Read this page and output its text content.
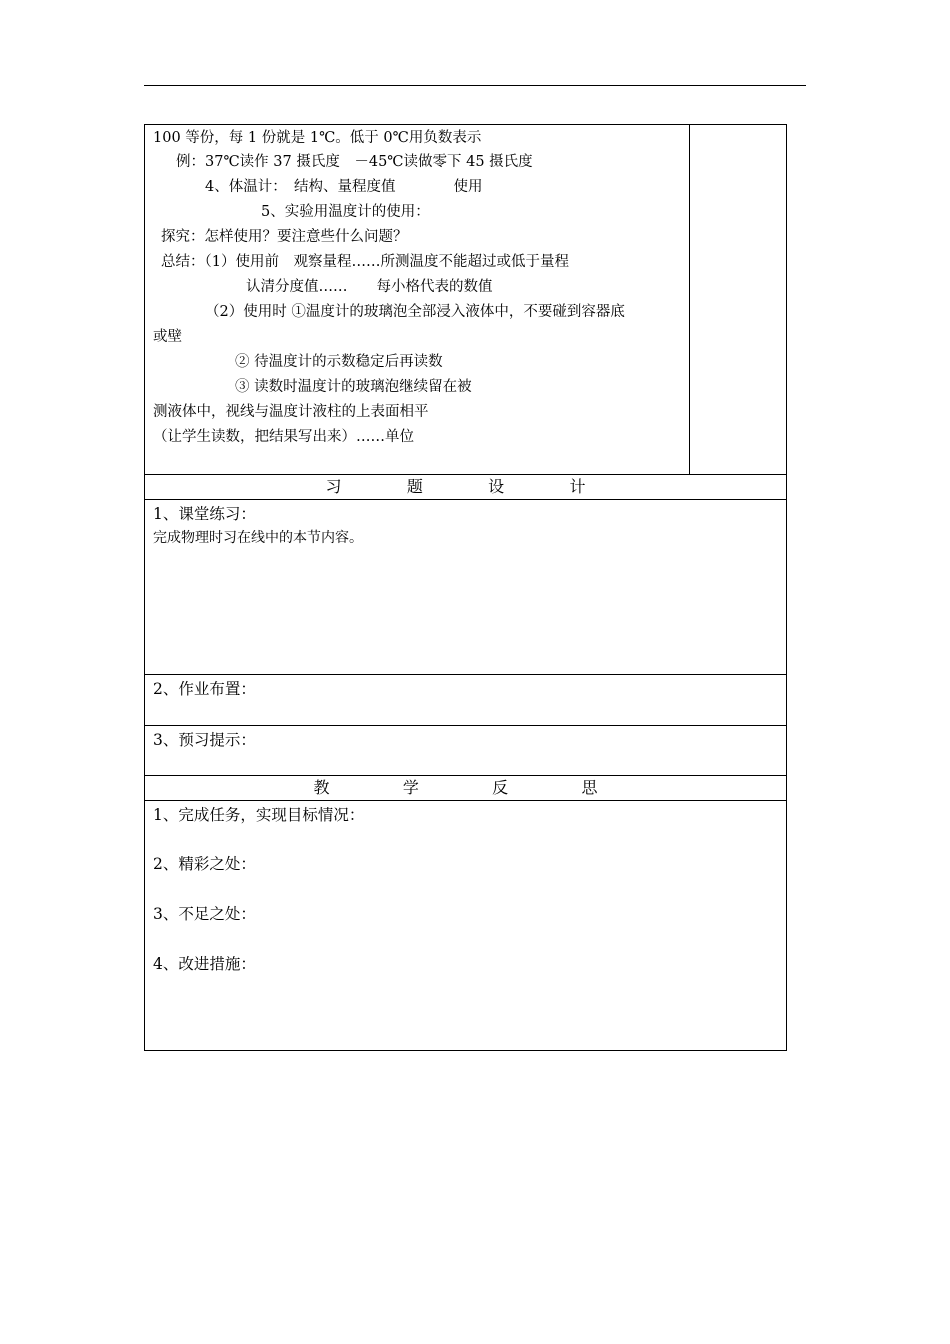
100 等份，每 1 份就是 1℃。低于 0℃用负数表示
例：37℃读作 37 摄氏度　－45℃读做零下 45 摄氏度
4、体温计：　结构、量程度值　　　　使用
5、实验用温度计的使用：
探究：怎样使用？要注意些什么问题？
总结：（1）使用前　观察量程……所测温度不能超过或低于量程
认清分度值……　　每小格代表的数值
（2）使用时 ①温度计的玻璃泡全部浸入液体中，不要碰到容器底
或壁
② 待温度计的示数稳定后再读数
③ 读数时温度计的玻璃泡继续留在被
测液体中，视线与温度计液柱的上表面相平
（让学生读数，把结果写出来）……单位

习	题	设	计

1、课堂练习：
完成物理时习在线中的本节内容。

2、作业布置：

3、预习提示：

教	学	反	思

1、完成任务，实现目标情况：
2、精彩之处：
3、不足之处：
4、改进措施：
